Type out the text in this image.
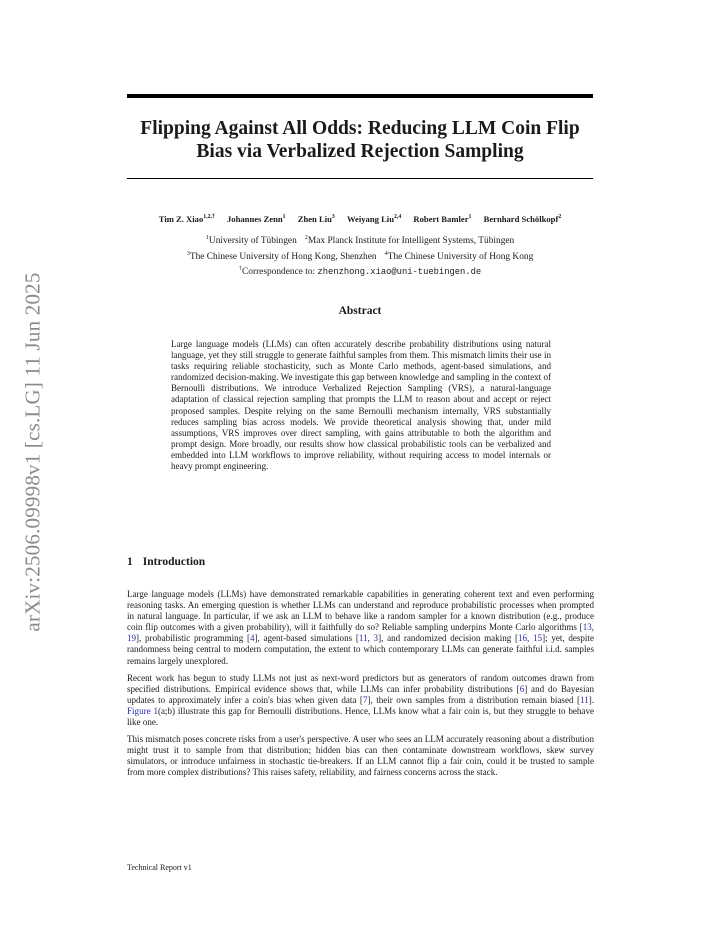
arXiv:2506.09998v1 [cs.LG] 11 Jun 2025
Flipping Against All Odds: Reducing LLM Coin Flip Bias via Verbalized Rejection Sampling
Tim Z. Xiao$^{1,2,\dagger}$ Johannes Zenn$^1$ Zhen Liu$^3$ Weiyang Liu$^{2,4}$ Robert Bamler$^1$ Bernhard Schölkopf$^2$
$^1$University of Tübingen $^2$Max Planck Institute for Intelligent Systems, Tübingen
$^3$The Chinese University of Hong Kong, Shenzhen $^4$The Chinese University of Hong Kong
†Correspondence to: zhenzhong.xiao@uni-tuebingen.de
Abstract
Large language models (LLMs) can often accurately describe probability distributions using natural language, yet they still struggle to generate faithful samples from them. This mismatch limits their use in tasks requiring reliable stochasticity, such as Monte Carlo methods, agent-based simulations, and randomized decision-making. We investigate this gap between knowledge and sampling in the context of Bernoulli distributions. We introduce Verbalized Rejection Sampling (VRS), a natural-language adaptation of classical rejection sampling that prompts the LLM to reason about and accept or reject proposed samples. Despite relying on the same Bernoulli mechanism internally, VRS substantially reduces sampling bias across models. We provide theoretical analysis showing that, under mild assumptions, VRS improves over direct sampling, with gains attributable to both the algorithm and prompt design. More broadly, our results show how classical probabilistic tools can be verbalized and embedded into LLM workflows to improve reliability, without requiring access to model internals or heavy prompt engineering.
1 Introduction

Large language models (LLMs) have demonstrated remarkable capabilities in generating coherent text and even performing reasoning tasks. An emerging question is whether LLMs can understand and reproduce probabilistic processes when prompted in natural language. In particular, if we ask an LLM to behave like a random sampler for a known distribution (e.g., produce coin flip outcomes with a given probability), will it faithfully do so? Reliable sampling underpins Monte Carlo algorithms [13, 19], probabilistic programming [4], agent-based simulations [11, 3], and randomized decision making [16, 15]; yet, despite randomness being central to modern computation, the extent to which contemporary LLMs can generate faithful i.i.d. samples remains largely unexplored.

Recent work has begun to study LLMs not just as next-word predictors but as generators of random outcomes drawn from specified distributions. Empirical evidence shows that, while LLMs can infer probability distributions [6] and do Bayesian updates to approximately infer a coin's bias when given data [7], their own samples from a distribution remain biased [11]. Figure 1(a;b) illustrate this gap for Bernoulli distributions. Hence, LLMs know what a fair coin is, but they struggle to behave like one.

This mismatch poses concrete risks from a user's perspective. A user who sees an LLM accurately reasoning about a distribution might trust it to sample from that distribution; hidden bias can then contaminate downstream workflows, skew survey simulators, or introduce unfairness in stochastic tie-breakers. If an LLM cannot flip a fair coin, could it be trusted to sample from more complex distributions? This raises safety, reliability, and fairness concerns across the stack.

Technical Report v1
